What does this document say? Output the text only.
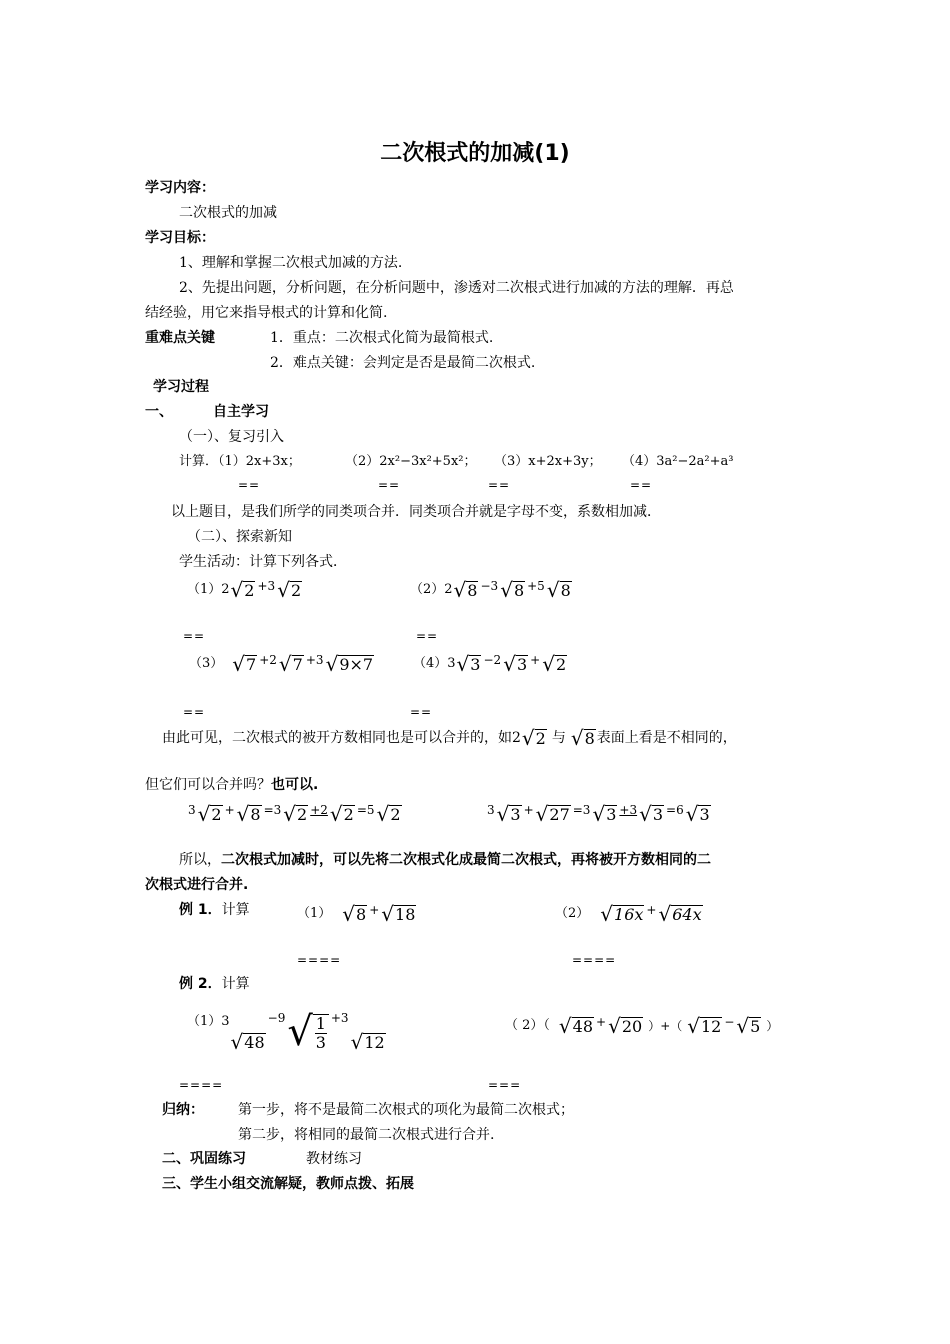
二次根式的加减(1)
学习内容：
二次根式的加减
学习目标：
1、理解和掌握二次根式加减的方法.
2、先提出问题，分析问题，在分析问题中，渗透对二次根式进行加减的方法的理解．再总
结经验，用它来指导根式的计算和化简.
重难点关键	1．重点：二次根式化简为最简根式.
2．难点关键：会判定是否是最简二次根式.
学习过程
一、	自主学习
（一）、复习引入
计算．（1）2x+3x；	（2）2x²−3x²+5x²； （3）x+2x+3y； （4）3a²−2a²+a³
==	==	==	==
以上题目，是我们所学的同类项合并．同类项合并就是字母不变，系数相加减．
（二）、探索新知
学生活动：计算下列各式．
（1）2 √ 2 +3 √ 2	（2）2 √ 8 −3 √ 8 +5 √ 8
==	==
（3） √ 7 +2 √ 7 +3 √ 9×7	（4）3 √ 3 −2 √ 3 + √ 2
==	==
由此可见，二次根式的被开方数相同也是可以合并的，如2 √ 2 与 √ 8 表面上看是不相同的，
但它们可以合并吗？也可以.
3 √ 2 + √ 8 =3 √ 2 +2 √ 2 =5 √ 2	3 √ 3 + √ 27 =3 √ 3 +3 √ 3 =6 √ 3
所以，二次根式加减时，可以先将二次根式化成最简二次根式，再将被开方数相同的二
次根式进行合并.
例 1．计算	（1） √ 8 + √ 18	（2） √ 16x + √ 64x
====	====
例 2．计算
（1）3
√ 48
−9 √ 1
3
+3
√ 12
（ 2）（ √ 48 + √ 20 ）+（ √ 12 − √ 5 ）
====	===
归纳： 第一步，将不是最简二次根式的项化为最简二次根式；
第二步，将相同的最简二次根式进行合并.
二、巩固练习	教材练习
三、学生小组交流解疑，教师点拨、拓展
